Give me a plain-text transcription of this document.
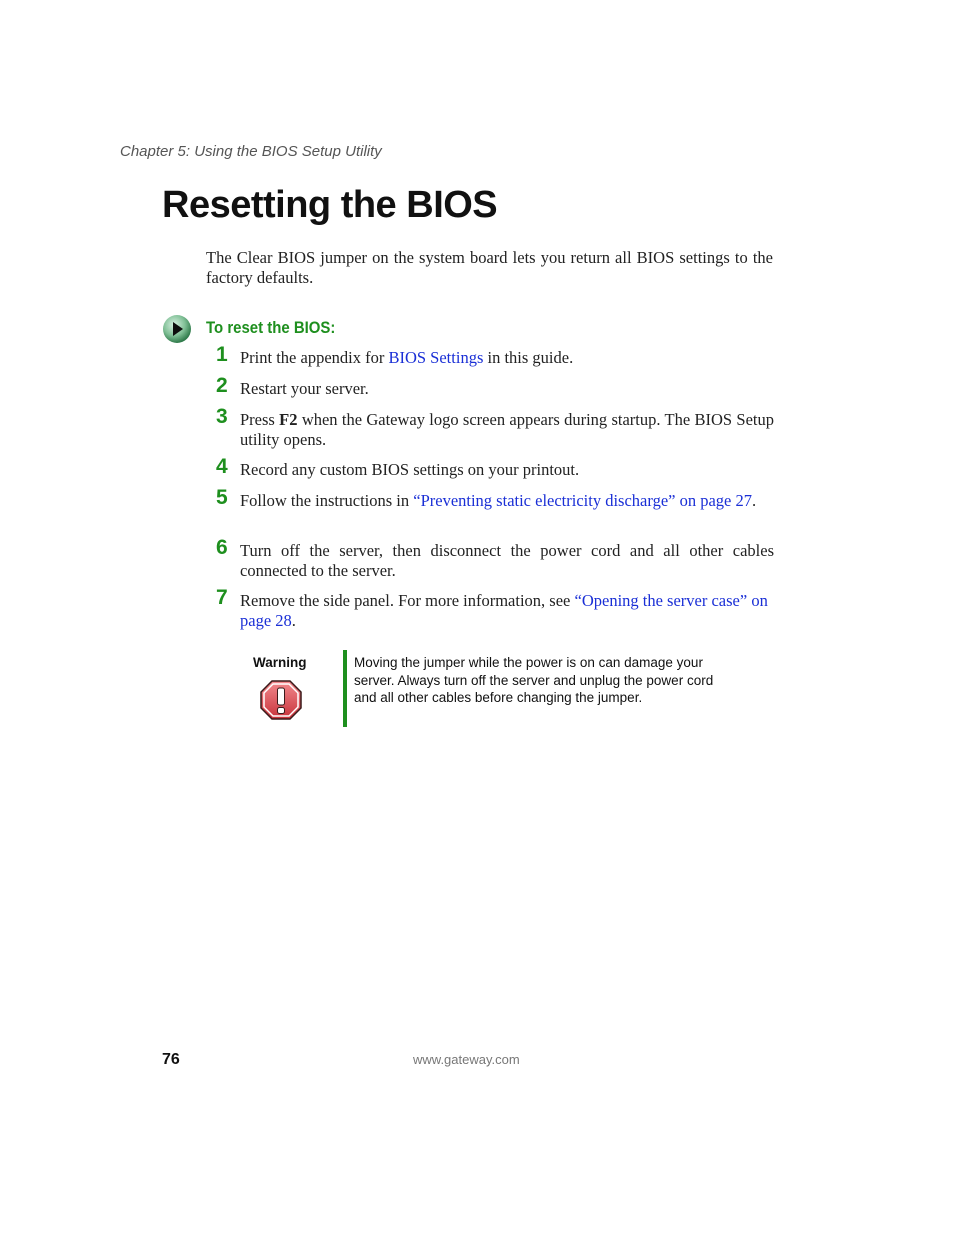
Chapter 5: Using the BIOS Setup Utility
Resetting the BIOS

The Clear BIOS jumper on the system board lets you return all BIOS settings to the factory defaults.

To reset the BIOS:
1 Print the appendix for BIOS Settings in this guide.
2 Restart your server.
3 Press F2 when the Gateway logo screen appears during startup. The BIOS Setup utility opens.
4 Record any custom BIOS settings on your printout.
5 Follow the instructions in “Preventing static electricity discharge” on page 27.
6 Turn off the server, then disconnect the power cord and all other cables connected to the server.
7 Remove the side panel. For more information, see “Opening the server case” on page 28.
Warning	Moving the jumper while the power is on can damage your server. Always turn off the server and unplug the power cord and all other cables before changing the jumper.

76	www.gateway.com
